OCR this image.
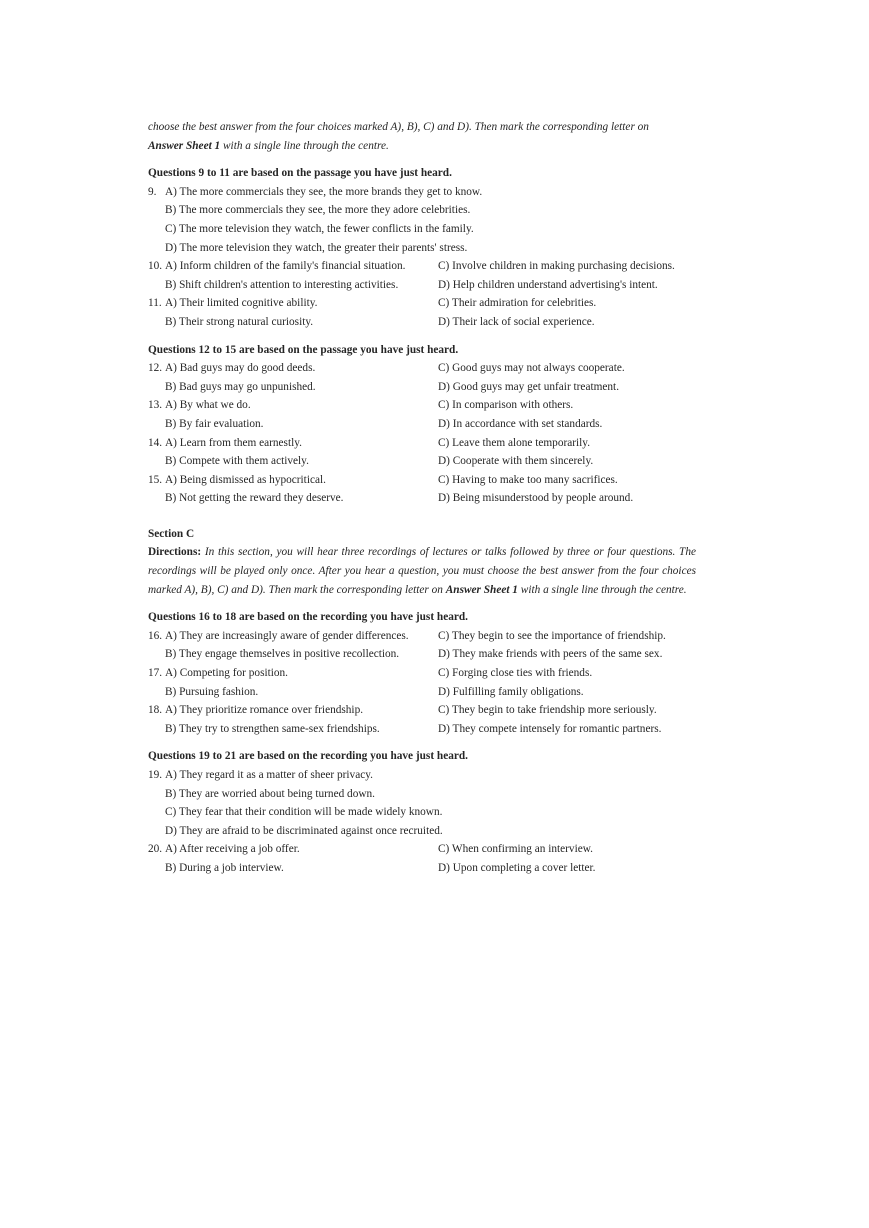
choose the best answer from the four choices marked A), B), C) and D). Then mark the corresponding letter on
Answer Sheet 1 with a single line through the centre.

Questions 9 to 11 are based on the passage you have just heard.

9. A) The more commercials they see, the more brands they get to know.
B) The more commercials they see, the more they adore celebrities.
C) The more television they watch, the fewer conflicts in the family.
D) The more television they watch, the greater their parents' stress.
10. A) Inform children of the family's financial situation.	C) Involve children in making purchasing decisions.
B) Shift children's attention to interesting activities.	D) Help children understand advertising's intent.
11. A) Their limited cognitive ability.	C) Their admiration for celebrities.
B) Their strong natural curiosity.	D) Their lack of social experience.

Questions 12 to 15 are based on the passage you have just heard.

12. A) Bad guys may do good deeds.	C) Good guys may not always cooperate.
B) Bad guys may go unpunished.	D) Good guys may get unfair treatment.
13. A) By what we do.	C) In comparison with others.
B) By fair evaluation.	D) In accordance with set standards.
14. A) Learn from them earnestly.	C) Leave them alone temporarily.
B) Compete with them actively.	D) Cooperate with them sincerely.
15. A) Being dismissed as hypocritical.	C) Having to make too many sacrifices.
B) Not getting the reward they deserve.	D) Being misunderstood by people around.

Section C

Directions: In this section, you will hear three recordings of lectures or talks followed by three or four questions. The recordings will be played only once. After you hear a question, you must choose the best answer from the four choices marked A), B), C) and D). Then mark the corresponding letter on Answer Sheet 1 with a single line through the centre.

Questions 16 to 18 are based on the recording you have just heard.

16. A) They are increasingly aware of gender differences.	C) They begin to see the importance of friendship.
B) They engage themselves in positive recollection.	D) They make friends with peers of the same sex.
17. A) Competing for position.	C) Forging close ties with friends.
B) Pursuing fashion.	D) Fulfilling family obligations.
18. A) They prioritize romance over friendship.	C) They begin to take friendship more seriously.
B) They try to strengthen same-sex friendships.	D) They compete intensely for romantic partners.

Questions 19 to 21 are based on the recording you have just heard.

19. A) They regard it as a matter of sheer privacy.
B) They are worried about being turned down.
C) They fear that their condition will be made widely known.
D) They are afraid to be discriminated against once recruited.
20. A) After receiving a job offer.	C) When confirming an interview.
B) During a job interview.	D) Upon completing a cover letter.
